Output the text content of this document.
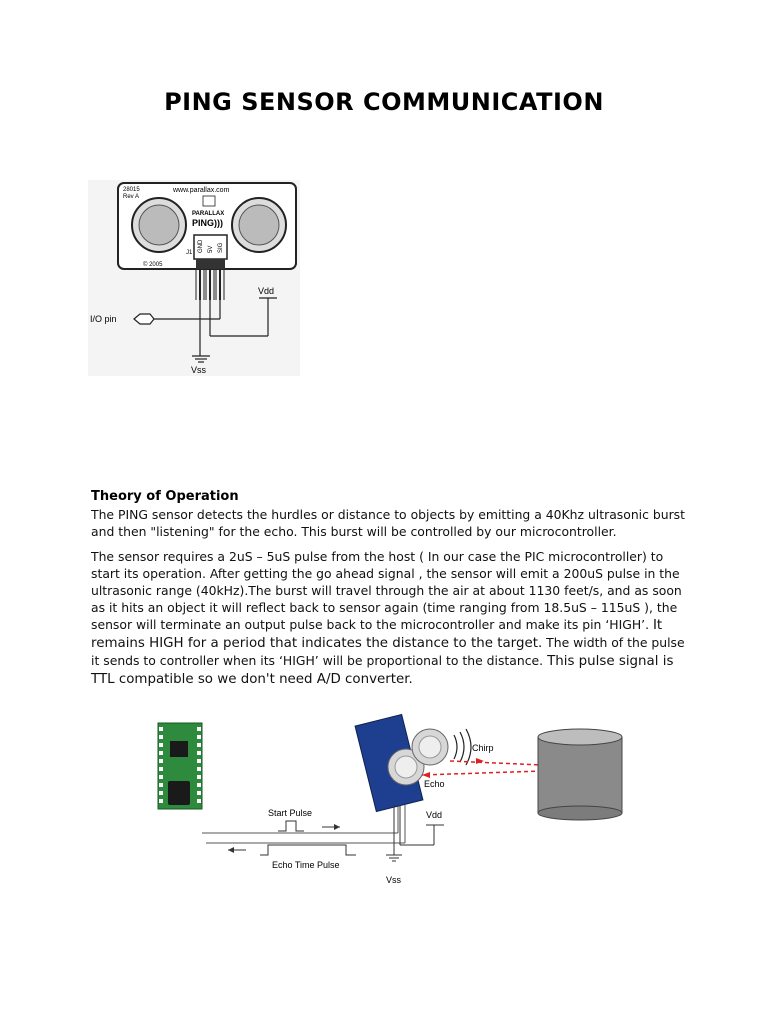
PING SENSOR COMMUNICATION
28015
Rev A
www.parallax.com
PARALLAX
PING)))
© 2005
J1 GND 5V SIG
Vdd
I/O pin
Vss
Theory of Operation
The PING sensor detects the hurdles or distance to objects by emitting a 40Khz ultrasonic burst and then "listening" for the echo. This burst will be controlled by our microcontroller.
The sensor requires a 2uS – 5uS pulse from the host ( In our case the PIC microcontroller) to start its operation. After getting the go ahead signal , the sensor will emit a 200uS pulse in the ultrasonic range (40kHz).The burst will travel through the air at about 1130 feet/s, and as soon as it hits an object it will reflect back to sensor again (time ranging from 18.5uS – 115uS ), the sensor will terminate an output pulse back to the microcontroller and make its pin ‘HIGH’. It remains HIGH for a period that indicates the distance to the target. The width of the pulse it sends to controller when its ‘HIGH’ will be proportional to the distance. This pulse signal is TTL compatible so we don't need A/D converter.
Start Pulse
Echo Time Pulse
Chirp
Echo
Vdd
Vss
